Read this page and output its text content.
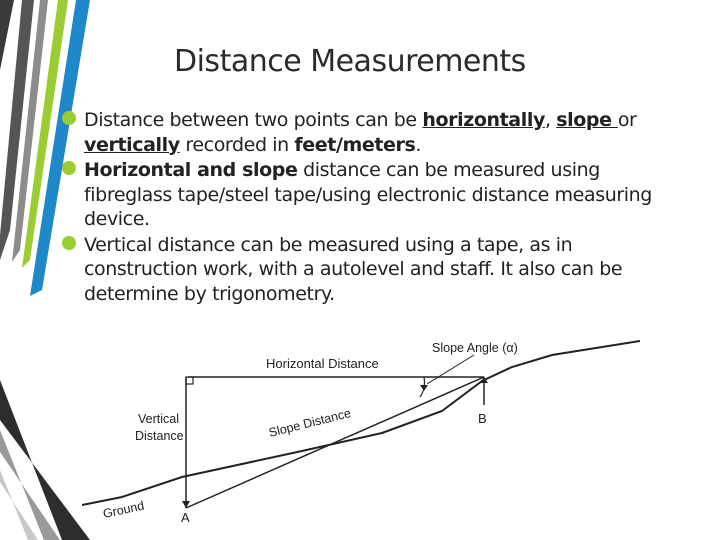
Distance Measurements
Distance between two points can be horizontally, slope or vertically recorded in feet/meters.
Horizontal and slope distance can be measured using fibreglass tape/steel tape/using electronic distance measuring device.
Vertical distance can be measured using a tape, as in construction work, with a autolevel and staff. It also can be determine by trigonometry.
Horizontal Distance
Slope Angle (α)
Vertical
Distance	Slope Distance	B
A
Ground
